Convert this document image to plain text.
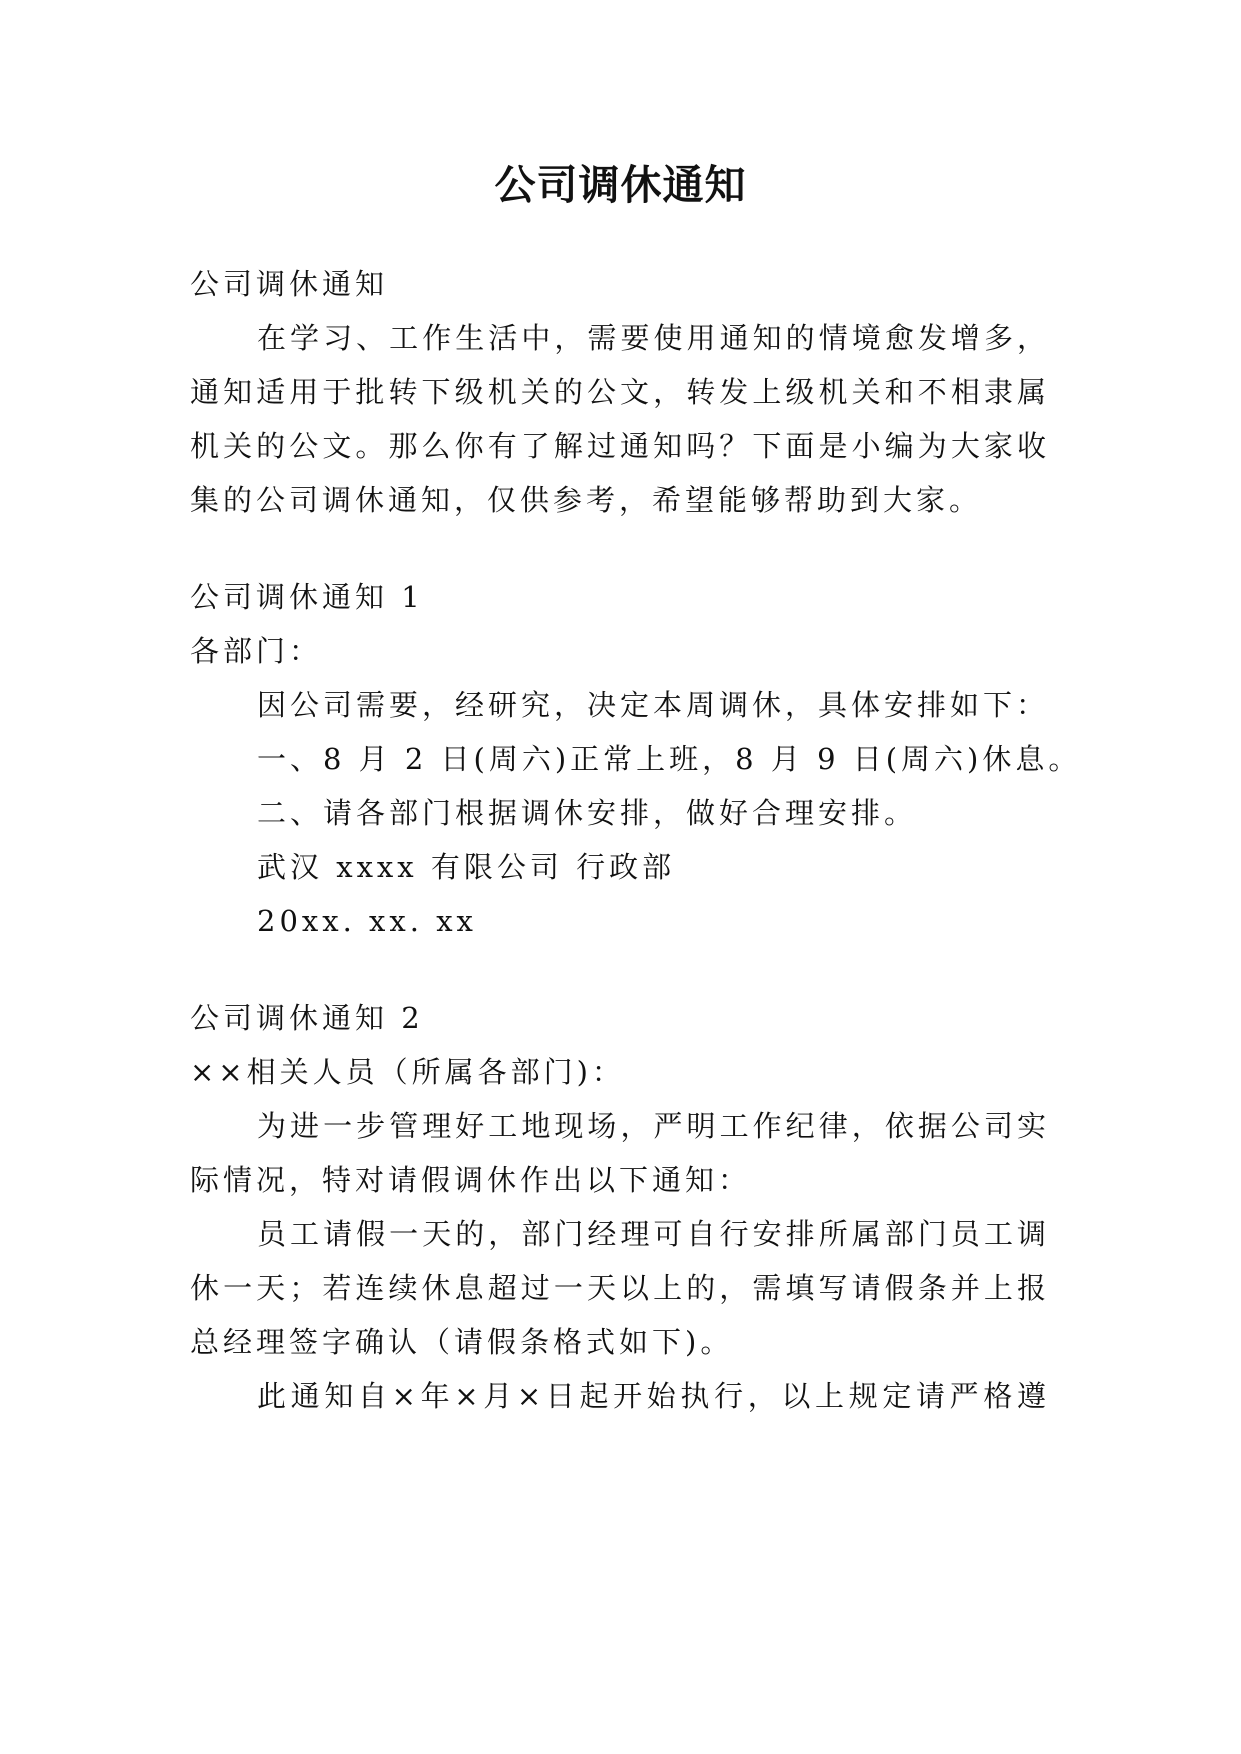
公司调休通知
公司调休通知
在学习、工作生活中，需要使用通知的情境愈发增多，
通知适用于批转下级机关的公文，转发上级机关和不相隶属
机关的公文。那么你有了解过通知吗？下面是小编为大家收
集的公司调休通知，仅供参考，希望能够帮助到大家。
公司调休通知 1
各部门：
因公司需要，经研究，决定本周调休，具体安排如下：
一、8 月 2 日(周六)正常上班，8 月 9 日(周六)休息。
二、请各部门根据调休安排，做好合理安排。
武汉 xxxx 有限公司 行政部
20xx. xx. xx
公司调休通知 2
××相关人员（所属各部门)：
为进一步管理好工地现场，严明工作纪律，依据公司实
际情况，特对请假调休作出以下通知：
员工请假一天的，部门经理可自行安排所属部门员工调
休一天；若连续休息超过一天以上的，需填写请假条并上报
总经理签字确认（请假条格式如下)。
此通知自×年×月×日起开始执行，以上规定请严格遵
